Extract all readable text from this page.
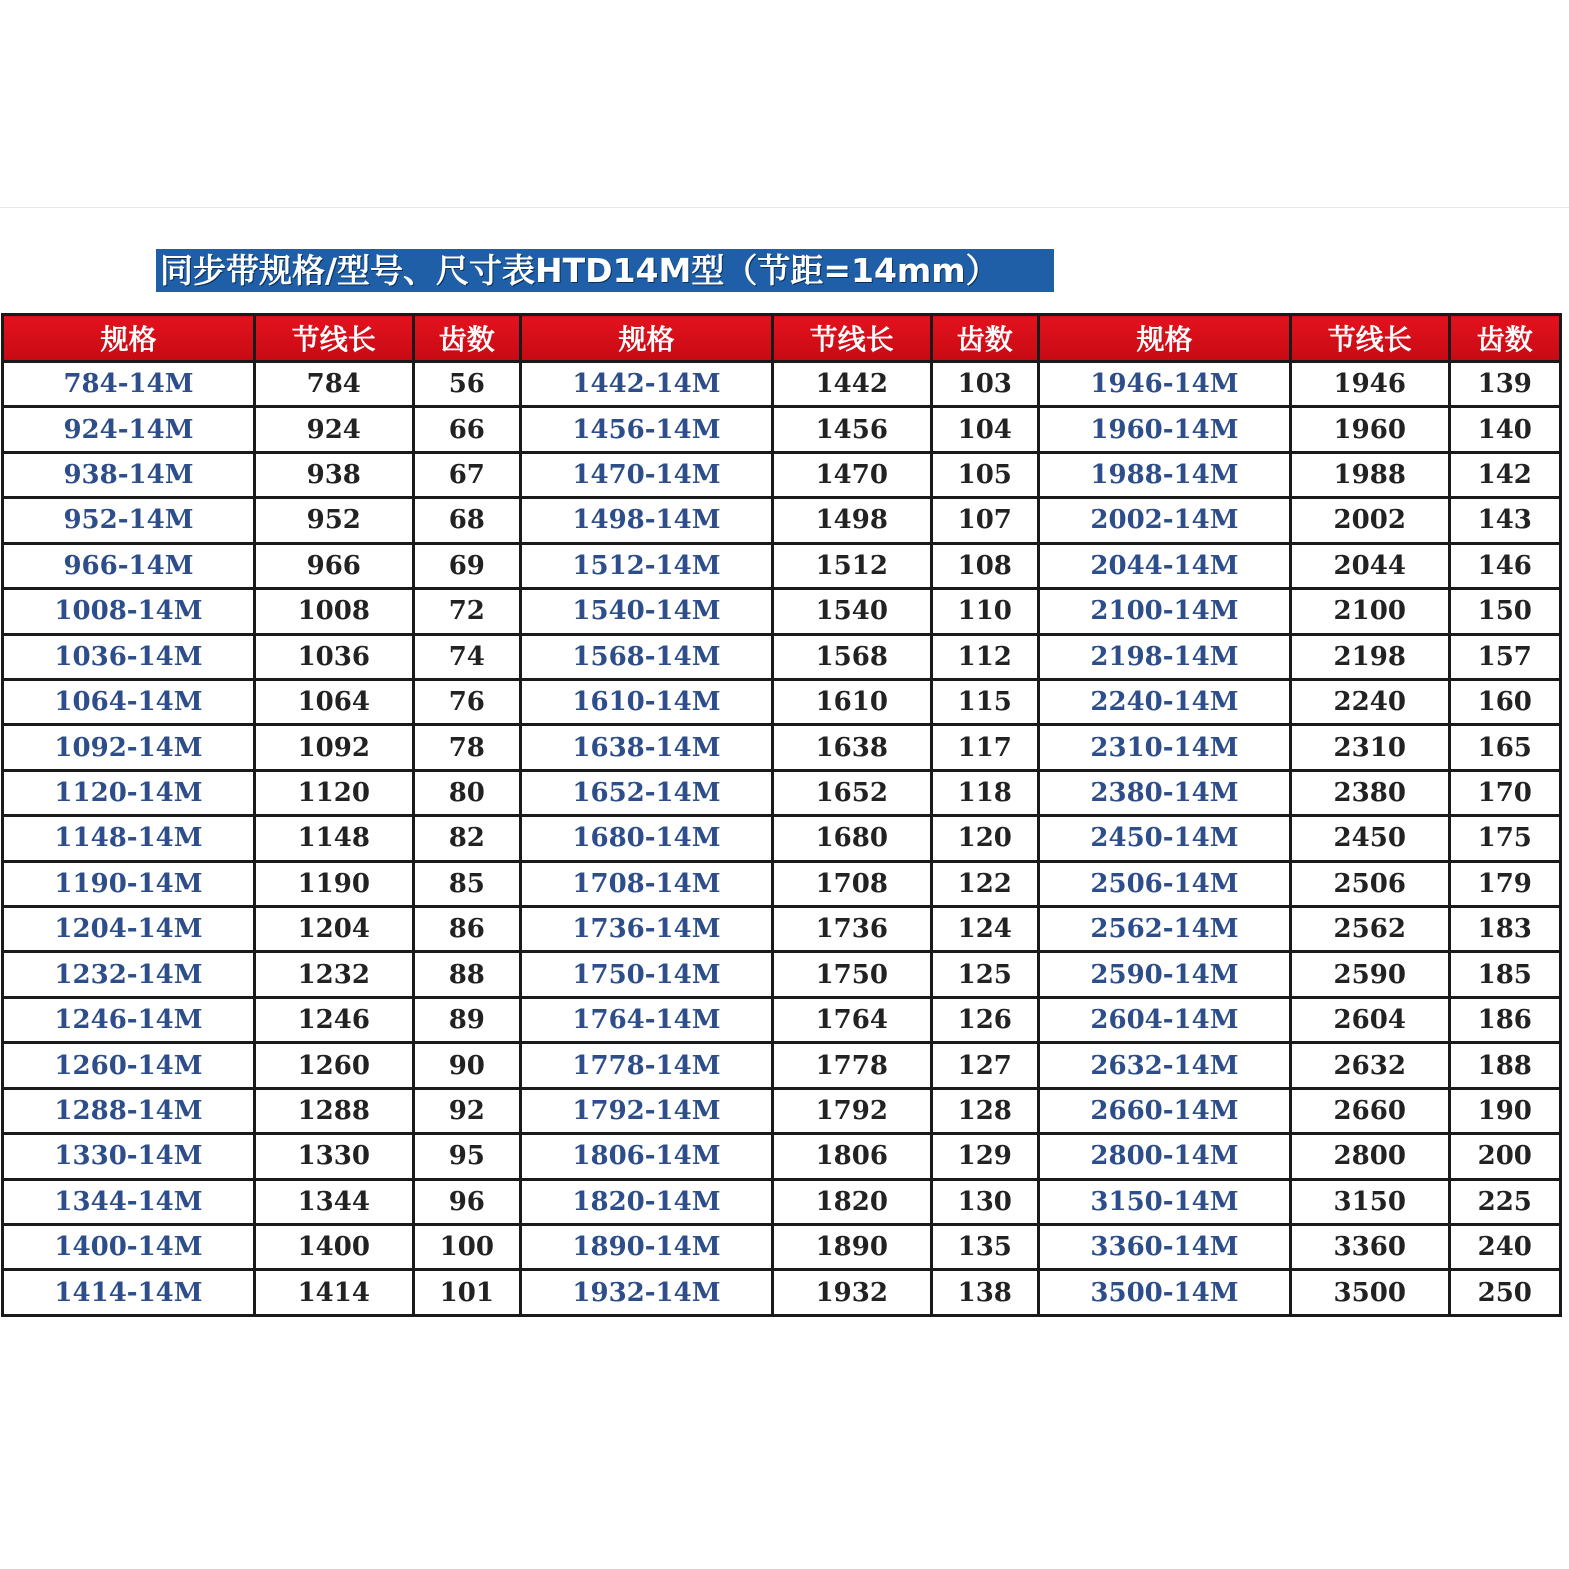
同步带规格/型号、尺寸表HTD14M型（节距=14mm）
规格	节线长	齿数	规格	节线长	齿数	规格	节线长	齿数
784-14M	784	56	1442-14M	1442	103	1946-14M	1946	139
924-14M	924	66	1456-14M	1456	104	1960-14M	1960	140
938-14M	938	67	1470-14M	1470	105	1988-14M	1988	142
952-14M	952	68	1498-14M	1498	107	2002-14M	2002	143
966-14M	966	69	1512-14M	1512	108	2044-14M	2044	146
1008-14M	1008	72	1540-14M	1540	110	2100-14M	2100	150
1036-14M	1036	74	1568-14M	1568	112	2198-14M	2198	157
1064-14M	1064	76	1610-14M	1610	115	2240-14M	2240	160
1092-14M	1092	78	1638-14M	1638	117	2310-14M	2310	165
1120-14M	1120	80	1652-14M	1652	118	2380-14M	2380	170
1148-14M	1148	82	1680-14M	1680	120	2450-14M	2450	175
1190-14M	1190	85	1708-14M	1708	122	2506-14M	2506	179
1204-14M	1204	86	1736-14M	1736	124	2562-14M	2562	183
1232-14M	1232	88	1750-14M	1750	125	2590-14M	2590	185
1246-14M	1246	89	1764-14M	1764	126	2604-14M	2604	186
1260-14M	1260	90	1778-14M	1778	127	2632-14M	2632	188
1288-14M	1288	92	1792-14M	1792	128	2660-14M	2660	190
1330-14M	1330	95	1806-14M	1806	129	2800-14M	2800	200
1344-14M	1344	96	1820-14M	1820	130	3150-14M	3150	225
1400-14M	1400	100	1890-14M	1890	135	3360-14M	3360	240
1414-14M	1414	101	1932-14M	1932	138	3500-14M	3500	250
